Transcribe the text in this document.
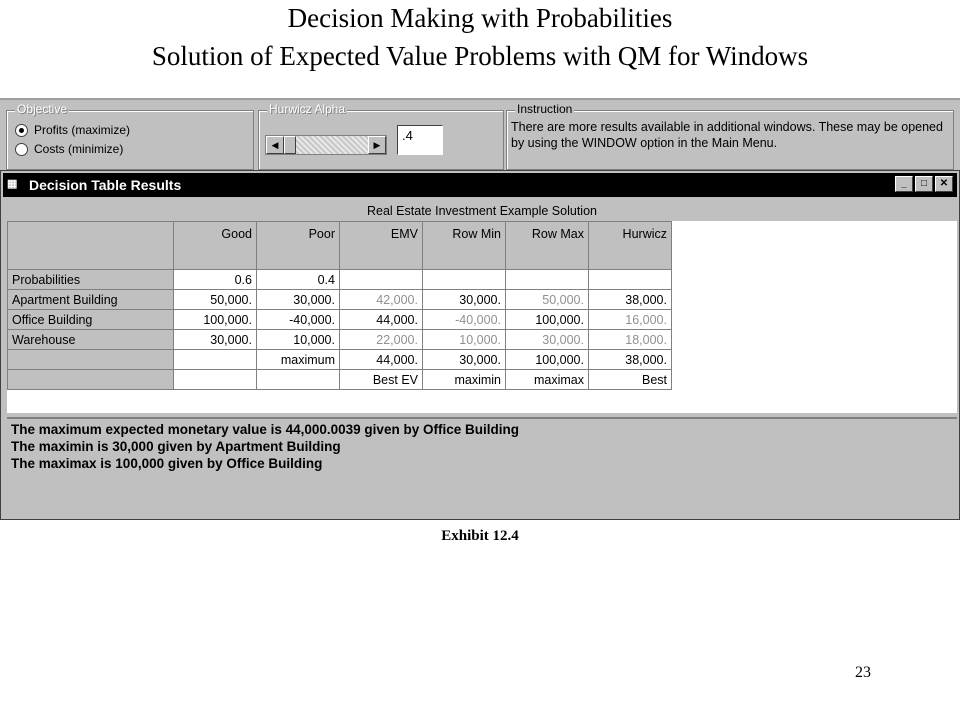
Decision Making with Probabilities
Solution of Expected Value Problems with QM for Windows
Objective
Profits (maximize)
Costs (minimize)
Hurwicz Alpha
◀	▶
.4
Instruction
There are more results available in additional windows. These may be opened by using the WINDOW option in the Main Menu.
▦ Decision Table Results	_	□	✕
Real Estate Investment Example Solution
	Good	Poor	EMV	Row Min	Row Max	Hurwicz
Probabilities	0.6	0.4				
Apartment Building	50,000.	30,000.	42,000.	30,000.	50,000.	38,000.
Office Building	100,000.	-40,000.	44,000.	-40,000.	100,000.	16,000.
Warehouse	30,000.	10,000.	22,000.	10,000.	30,000.	18,000.
		maximum	44,000.	30,000.	100,000.	38,000.
			Best EV	maximin	maximax	Best
The maximum expected monetary value is 44,000.0039 given by Office Building
The maximin is 30,000 given by Apartment Building
The maximax is 100,000 given by Office Building
Exhibit 12.4
23
